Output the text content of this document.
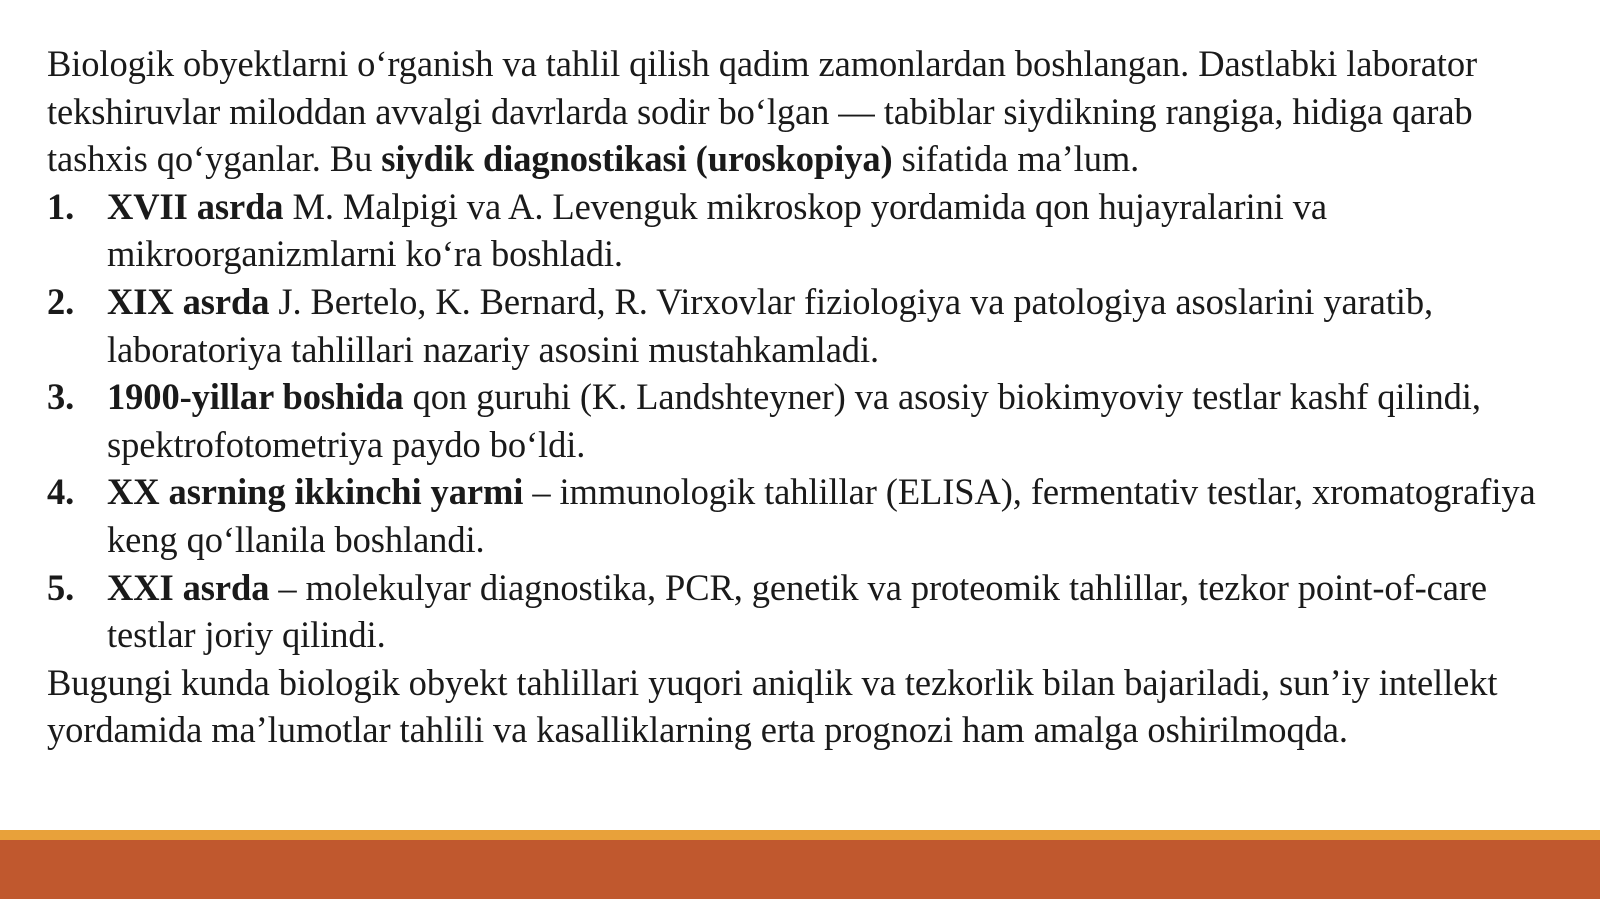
Biologik obyektlarni o‘rganish va tahlil qilish qadim zamonlardan boshlangan. Dastlabki laborator tekshiruvlar miloddan avvalgi davrlarda sodir bo‘lgan — tabiblar siydikning rangiga, hidiga qarab tashxis qo‘yganlar. Bu siydik diagnostikasi (uroskopiya) sifatida ma’lum.

1. XVII asrda M. Malpigi va A. Levenguk mikroskop yordamida qon hujayralarini va mikroorganizmlarni ko‘ra boshladi.
2. XIX asrda J. Bertelo, K. Bernard, R. Virxovlar fiziologiya va patologiya asoslarini yaratib, laboratoriya tahlillari nazariy asosini mustahkamladi.
3. 1900-yillar boshida qon guruhi (K. Landshteyner) va asosiy biokimyoviy testlar kashf qilindi, spektrofotometriya paydo bo‘ldi.
4. XX asrning ikkinchi yarmi – immunologik tahlillar (ELISA), fermentativ testlar, xromatografiya keng qo‘llanila boshlandi.
5. XXI asrda – molekulyar diagnostika, PCR, genetik va proteomik tahlillar, tezkor point-of-care testlar joriy qilindi.

Bugungi kunda biologik obyekt tahlillari yuqori aniqlik va tezkorlik bilan bajariladi, sun’iy intellekt yordamida ma’lumotlar tahlili va kasalliklarning erta prognozi ham amalga oshirilmoqda.
